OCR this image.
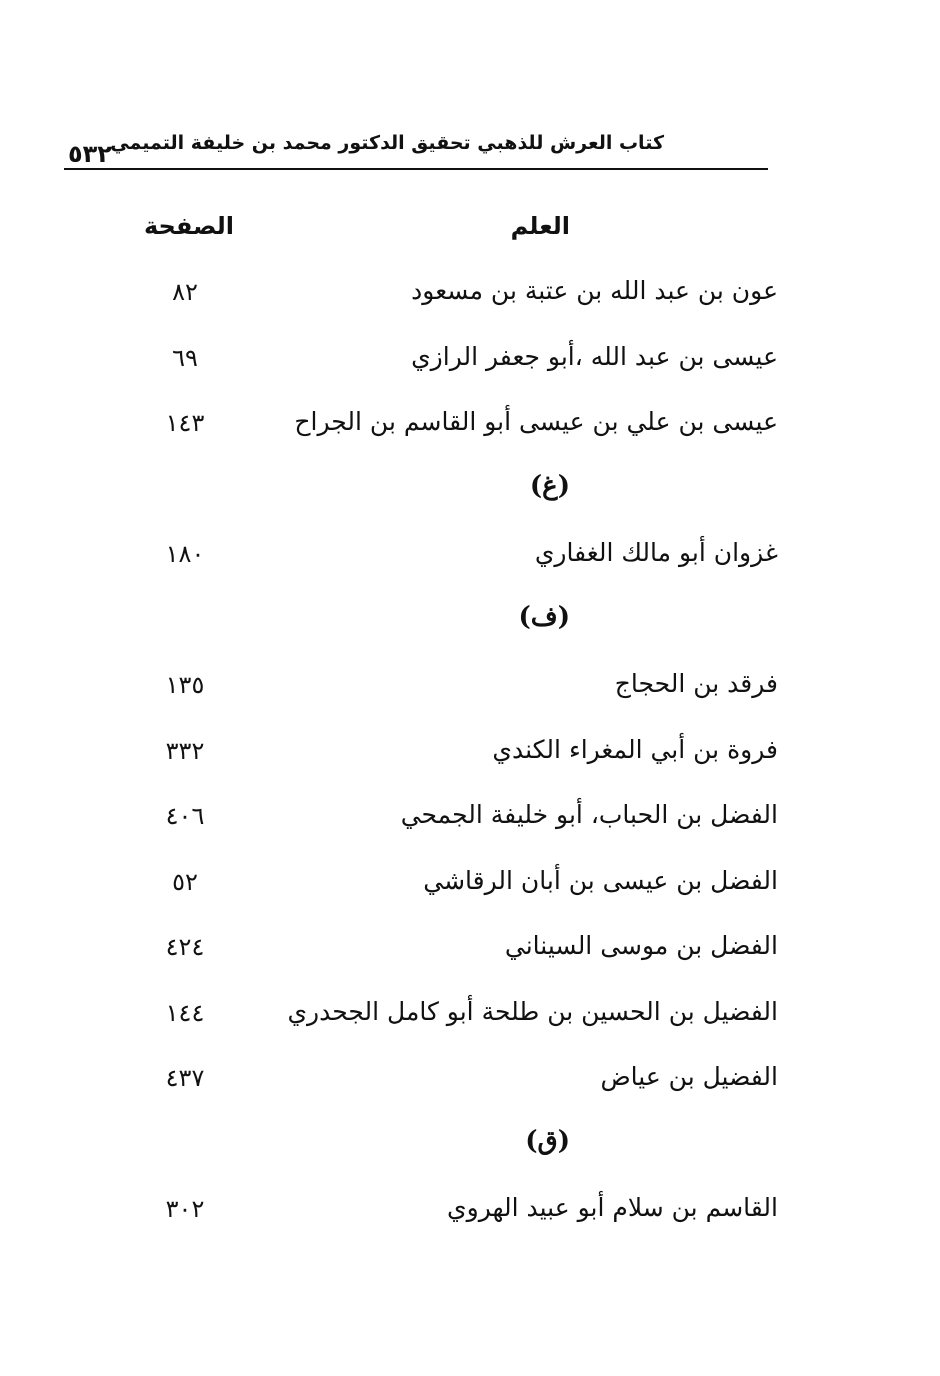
كتاب العرش للذهبي تحقيق الدكتور محمد بن خليفة التميمي
٥٣٢
العلم
الصفحة
عون بن عبد الله بن عتبة بن مسعود
٨٢
عيسى بن عبد الله ،أبو جعفر الرازي
٦٩
عيسى بن علي بن عيسى أبو القاسم بن الجراح
١٤٣
(غ)
غزوان أبو مالك الغفاري
١٨٠
(ف)
فرقد بن الحجاج
١٣٥
فروة بن أبي المغراء الكندي
٣٣٢
الفضل بن الحباب، أبو خليفة الجمحي
٤٠٦
الفضل بن عيسى بن أبان الرقاشي
٥٢
الفضل بن موسى السيناني
٤٢٤
الفضيل بن الحسين بن طلحة أبو كامل الجحدري
١٤٤
الفضيل بن عياض
٤٣٧
(ق)
القاسم بن سلام أبو عبيد الهروي
٣٠٢
